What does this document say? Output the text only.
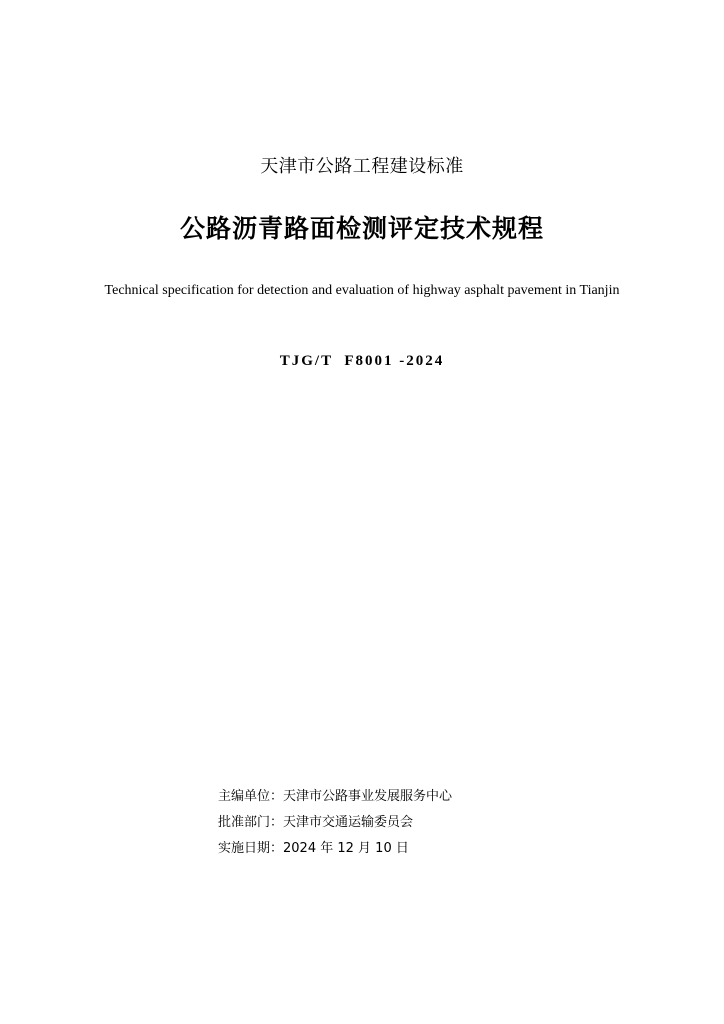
天津市公路工程建设标准
公路沥青路面检测评定技术规程
Technical specification for detection and evaluation of highway asphalt pavement in Tianjin
TJG/T  F8001 -2024
主编单位： 天津市公路事业发展服务中心
批准部门： 天津市交通运输委员会
实施日期： 2024 年 12 月 10 日
